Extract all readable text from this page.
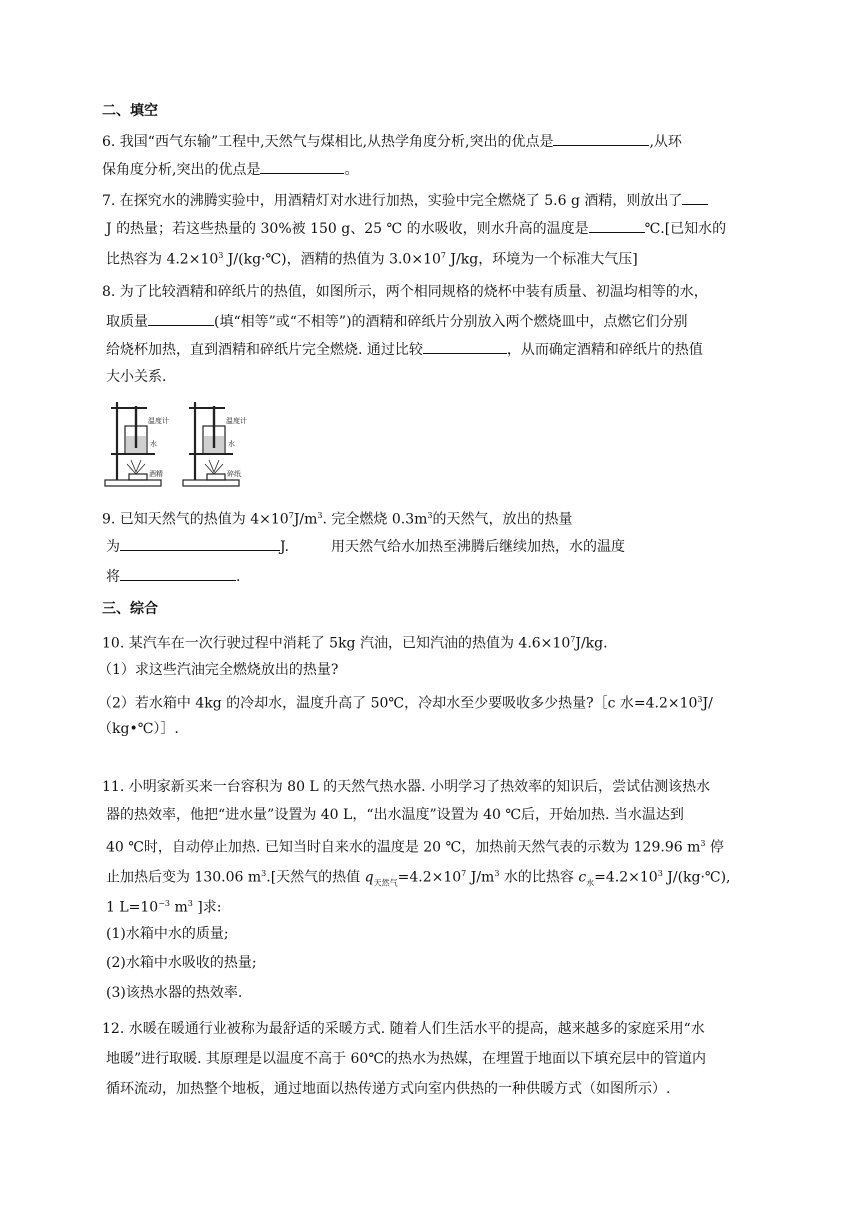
二、填空
6. 我国“西气东输”工程中,天然气与煤相比,从热学角度分析,突出的优点是	,从环
保角度分析,突出的优点是	。
7. 在探究水的沸腾实验中，用酒精灯对水进行加热，实验中完全燃烧了 5.6 g 酒精，则放出了
J 的热量；若这些热量的 30%被 150 g、25 ℃ 的水吸收，则水升高的温度是	℃.[已知水的
比热容为 $4.2\times 10^3$ J/(kg·℃)，酒精的热值为 $3.0\times 10^7$ J/kg，环境为一个标准大气压]
8. 为了比较酒精和碎纸片的热值，如图所示，两个相同规格的烧杯中装有质量、初温均相等的水，
取质量	(填“相等”或“不相等”)的酒精和碎纸片分别放入两个燃烧皿中，点燃它们分别
给烧杯加热，直到酒精和碎纸片完全燃烧. 通过比较	，从而确定酒精和碎纸片的热值
大小关系.
温度计
水
酒精
温度计
水
碎纸
9. 已知天然气的热值为 $4\times 10^7J/m^3$. 完全燃烧 $0.3m^3$的天然气，放出的热量
为	J.	用天然气给水加热至沸腾后继续加热，水的温度
将	.
三、综合
10. 某汽车在一次行驶过程中消耗了 5kg 汽油，已知汽油的热值为 $4.6\times 10^7J/kg$.
（1）求这些汽油完全燃烧放出的热量?
（2）若水箱中 4kg 的冷却水，温度升高了 50℃，冷却水至少要吸收多少热量?［c 水$=4.2\times 10^3J/$
（kg•℃）］.
11. 小明家新买来一台容积为 80 L 的天然气热水器. 小明学习了热效率的知识后，尝试估测该热水
器的热效率，他把“进水量”设置为 40 L，“出水温度”设置为 40 ℃后，开始加热. 当水温达到
40 ℃时，自动停止加热. 已知当时自来水的温度是 20 ℃，加热前天然气表的示数为 129.96 $m^3$ 停
止加热后变为 130.06 $m^3$.[天然气的热值 $q_{天然气}=4.2\times 10^7$ $J/m^3$ 水的比热容 $c_水=4.2\times 10^3$ J/(kg·℃),
1 $L=10^{-3}$ $m^3$ ]求:
(1)水箱中水的质量;
(2)水箱中水吸收的热量;
(3)该热水器的热效率.
12. 水暖在暖通行业被称为最舒适的采暖方式. 随着人们生活水平的提高，越来越多的家庭采用“水
地暖”进行取暖. 其原理是以温度不高于 60℃的热水为热媒，在埋置于地面以下填充层中的管道内
循环流动，加热整个地板，通过地面以热传递方式向室内供热的一种供暖方式（如图所示）.
